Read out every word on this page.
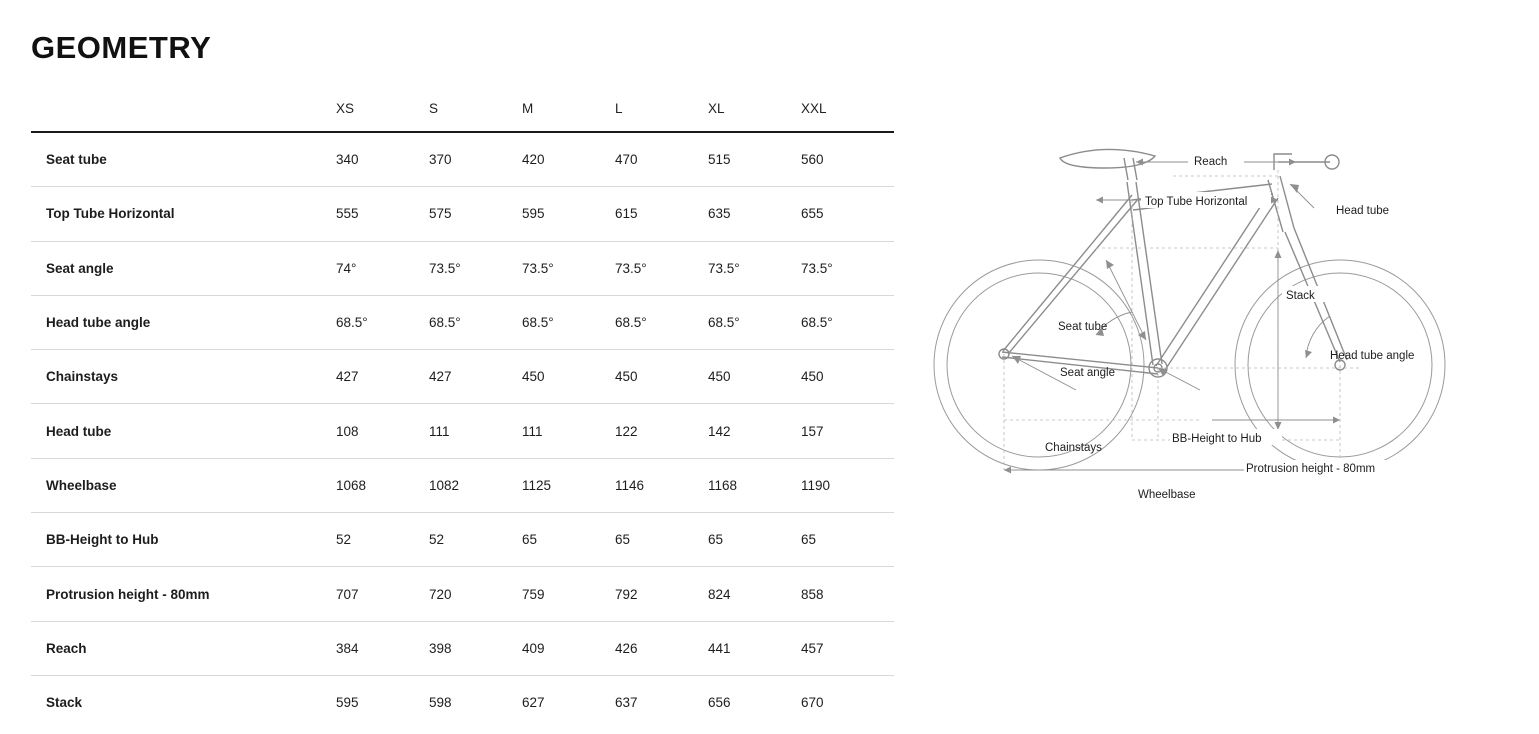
GEOMETRY
	XS	S	M	L	XL	XXL
Seat tube	340	370	420	470	515	560
Top Tube Horizontal	555	575	595	615	635	655
Seat angle	74°	73.5°	73.5°	73.5°	73.5°	73.5°
Head tube angle	68.5°	68.5°	68.5°	68.5°	68.5°	68.5°
Chainstays	427	427	450	450	450	450
Head tube	108	111	111	122	142	157
Wheelbase	1068	1082	1125	1146	1168	1190
BB-Height to Hub	52	52	65	65	65	65
Protrusion height - 80mm	707	720	759	792	824	858
Reach	384	398	409	426	441	457
Stack	595	598	627	637	656	670
Reach
Top Tube Horizontal
Head tube
Stack
Seat tube
Head tube angle
Seat angle
BB-Height to Hub
Chainstays
Protrusion height - 80mm
Wheelbase
